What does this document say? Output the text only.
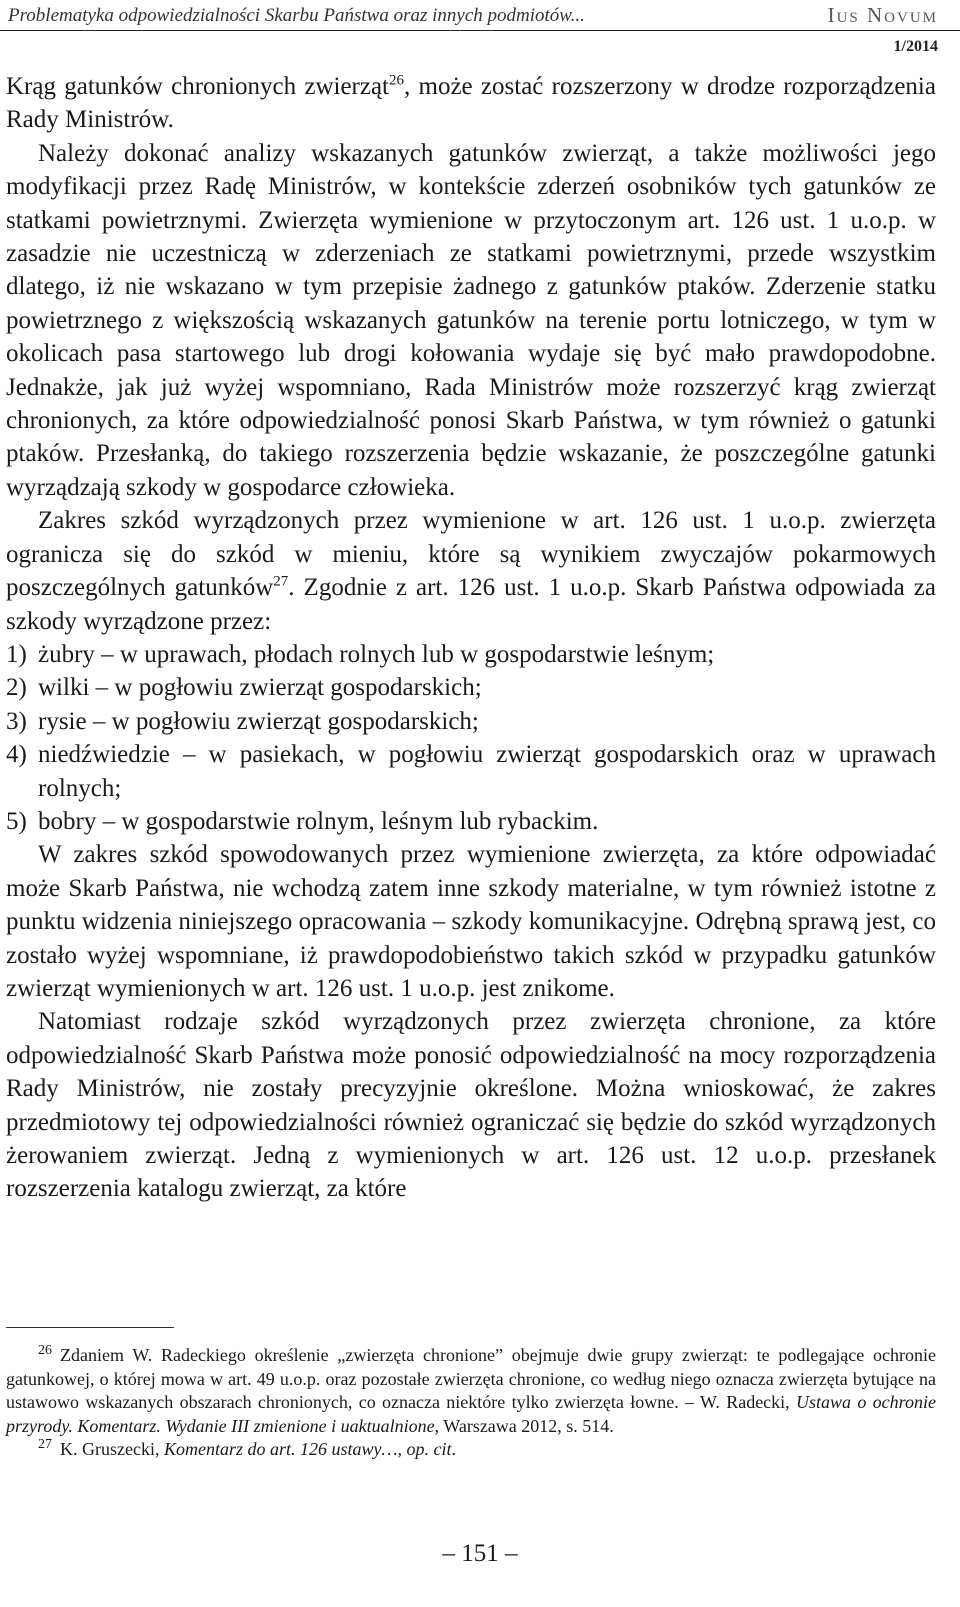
Problematyka odpowiedzialności Skarbu Państwa oraz innych podmiotów...	Ius Novum
1/2014

Krąg gatunków chronionych zwierząt$^{26}$, może zostać rozszerzony w drodze rozporządzenia Rady Ministrów.

Należy dokonać analizy wskazanych gatunków zwierząt, a także możliwości jego modyfikacji przez Radę Ministrów, w kontekście zderzeń osobników tych gatunków ze statkami powietrznymi. Zwierzęta wymienione w przytoczonym art. 126 ust. 1 u.o.p. w zasadzie nie uczestniczą w zderzeniach ze statkami powietrznymi, przede wszystkim dlatego, iż nie wskazano w tym przepisie żadnego z gatunków ptaków. Zderzenie statku powietrznego z większością wskazanych gatunków na terenie portu lotniczego, w tym w okolicach pasa startowego lub drogi kołowania wydaje się być mało prawdopodobne. Jednakże, jak już wyżej wspomniano, Rada Ministrów może rozszerzyć krąg zwierząt chronionych, za które odpowiedzialność ponosi Skarb Państwa, w tym również o gatunki ptaków. Przesłanką, do takiego rozszerzenia będzie wskazanie, że poszczególne gatunki wyrządzają szkody w gospodarce człowieka.

Zakres szkód wyrządzonych przez wymienione w art. 126 ust. 1 u.o.p. zwierzęta ogranicza się do szkód w mieniu, które są wynikiem zwyczajów pokarmowych poszczególnych gatunków$^{27}$. Zgodnie z art. 126 ust. 1 u.o.p. Skarb Państwa odpowiada za szkody wyrządzone przez:

1) żubry – w uprawach, płodach rolnych lub w gospodarstwie leśnym;
2) wilki – w pogłowiu zwierząt gospodarskich;
3) rysie – w pogłowiu zwierząt gospodarskich;
4) niedźwiedzie – w pasiekach, w pogłowiu zwierząt gospodarskich oraz w uprawach rolnych;
5) bobry – w gospodarstwie rolnym, leśnym lub rybackim.

W zakres szkód spowodowanych przez wymienione zwierzęta, za które odpowiadać może Skarb Państwa, nie wchodzą zatem inne szkody materialne, w tym również istotne z punktu widzenia niniejszego opracowania – szkody komunikacyjne. Odrębną sprawą jest, co zostało wyżej wspomniane, iż prawdopodobieństwo takich szkód w przypadku gatunków zwierząt wymienionych w art. 126 ust. 1 u.o.p. jest znikome.

Natomiast rodzaje szkód wyrządzonych przez zwierzęta chronione, za które odpowiedzialność Skarb Państwa może ponosić odpowiedzialność na mocy rozporządzenia Rady Ministrów, nie zostały precyzyjnie określone. Można wnioskować, że zakres przedmiotowy tej odpowiedzialności również ograniczać się będzie do szkód wyrządzonych żerowaniem zwierząt. Jedną z wymienionych w art. 126 ust. 12 u.o.p. przesłanek rozszerzenia katalogu zwierząt, za które

$^{26}$ Zdaniem W. Radeckiego określenie „zwierzęta chronione” obejmuje dwie grupy zwierząt: te podlegające ochronie gatunkowej, o której mowa w art. 49 u.o.p. oraz pozostałe zwierzęta chronione, co według niego oznacza zwierzęta bytujące na ustawowo wskazanych obszarach chronionych, co oznacza niektóre tylko zwierzęta łowne. – W. Radecki, Ustawa o ochronie przyrody. Komentarz. Wydanie III zmienione i uaktualnione, Warszawa 2012, s. 514.

$^{27}$ K. Gruszecki, Komentarz do art. 126 ustawy…, op. cit.

– 151 –
